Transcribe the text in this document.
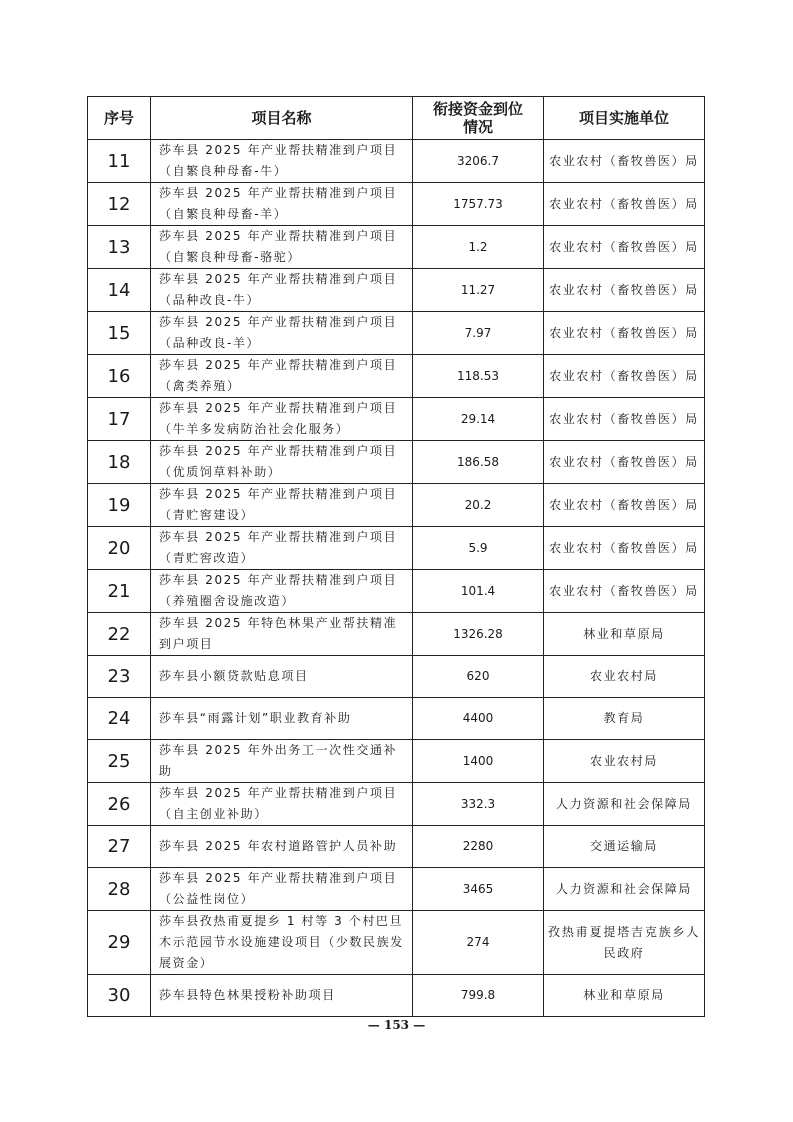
序号	项目名称	衔接资金到位情况	项目实施单位
11	莎车县 2025 年产业帮扶精准到户项目（自繁良种母畜-牛）	3206.7	农业农村（畜牧兽医）局
12	莎车县 2025 年产业帮扶精准到户项目（自繁良种母畜-羊）	1757.73	农业农村（畜牧兽医）局
13	莎车县 2025 年产业帮扶精准到户项目（自繁良种母畜-骆驼）	1.2	农业农村（畜牧兽医）局
14	莎车县 2025 年产业帮扶精准到户项目（品种改良-牛）	11.27	农业农村（畜牧兽医）局
15	莎车县 2025 年产业帮扶精准到户项目（品种改良-羊）	7.97	农业农村（畜牧兽医）局
16	莎车县 2025 年产业帮扶精准到户项目（禽类养殖）	118.53	农业农村（畜牧兽医）局
17	莎车县 2025 年产业帮扶精准到户项目（牛羊多发病防治社会化服务）	29.14	农业农村（畜牧兽医）局
18	莎车县 2025 年产业帮扶精准到户项目（优质饲草料补助）	186.58	农业农村（畜牧兽医）局
19	莎车县 2025 年产业帮扶精准到户项目（青贮窖建设）	20.2	农业农村（畜牧兽医）局
20	莎车县 2025 年产业帮扶精准到户项目（青贮窖改造）	5.9	农业农村（畜牧兽医）局
21	莎车县 2025 年产业帮扶精准到户项目（养殖圈舍设施改造）	101.4	农业农村（畜牧兽医）局
22	莎车县 2025 年特色林果产业帮扶精准到户项目	1326.28	林业和草原局
23	莎车县小额贷款贴息项目	620	农业农村局
24	莎车县“雨露计划”职业教育补助	4400	教育局
25	莎车县 2025 年外出务工一次性交通补助	1400	农业农村局
26	莎车县 2025 年产业帮扶精准到户项目（自主创业补助）	332.3	人力资源和社会保障局
27	莎车县 2025 年农村道路管护人员补助	2280	交通运输局
28	莎车县 2025 年产业帮扶精准到户项目（公益性岗位）	3465	人力资源和社会保障局
29	莎车县孜热甫夏提乡 1 村等 3 个村巴旦木示范园节水设施建设项目（少数民族发展资金）	274	孜热甫夏提塔吉克族乡人民政府
30	莎车县特色林果授粉补助项目	799.8	林业和草原局
— 153 —
